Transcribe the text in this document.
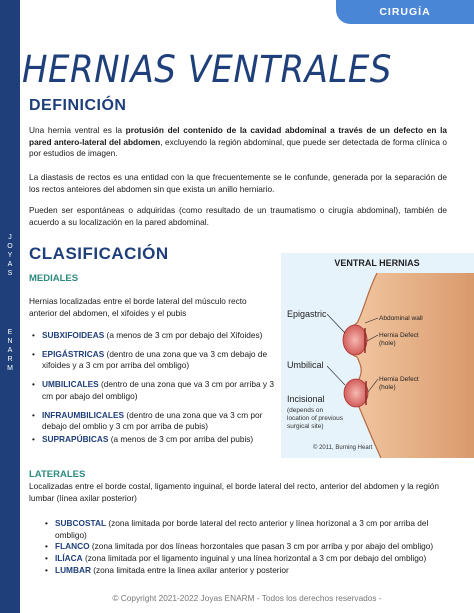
J
O
Y
A
S
E
N
A
R
M
CIRUGÍA
HERNIAS VENTRALES
DEFINICIÓN

Una hernia ventral es la protusión del contenido de la cavidad abdominal a través de un defecto en la pared antero-lateral del abdomen, excluyendo la región abdominal, que puede ser detectada de forma clínica o por estudios de imagen.

La diastasis de rectos es una entidad con la que frecuentemente se le confunde, generada por la separación de los rectos anteiores del abdomen sin que exista un anillo herniario.

Pueden ser espontáneas o adquiridas (como resultado de un traumatismo o cirugía abdominal), también de acuerdo a su localización en la pared abdominal.

CLASIFICACIÓN
MEDIALES

Hernias localizadas entre el borde lateral del músculo recto anterior del abdomen, el xifoides y el pubis

• SUBXIFOIDEAS (a menos de 3 cm por debajo del Xifoides)
• EPIGÁSTRICAS (dentro de una zona que va 3 cm debajo de xifoides y a 3 cm por arriba del ombligo)
• UMBILICALES (dentro de una zona que va 3 cm por arriba y 3 cm por abajo del ombligo)
• INFRAUMBILICALES (dentro de una zona que va 3 cm por debajo del omblio y 3 cm por arriba de pubis)
• SUPRAPÚBICAS (a menos de 3 cm por arriba del pubis)
LATERALES

Localizadas entre el borde costal, ligamento inguinal, el borde lateral del recto, anterior del abdomen y la región lumbar (línea axilar posterior)

• SUBCOSTAL (zona limitada por borde lateral del recto anterior y línea horizonal a 3 cm por arriba del ombligo)
• FLANCO (zona limitada por dos líneas horzontales que pasan 3 cm por arriba y por abajo del ombligo)
• ILÍACA (zona limitada por el ligamento inguinal y una línea horizontal a 3 cm por debajo del ombligo)
• LUMBAR (zona limitada entre la línea axilar anterior y posterior
VENTRAL HERNIAS
Epigastric
Umbilical
Incisional
(depends on
location of previous
surgical site)
Abdominal wall
Hernia Defect
(hole)
Hernia Defect
(hole)
© 2011, Burning Heart
© Copyright 2021-2022 Joyas ENARM - Todos los derechos reservados -
